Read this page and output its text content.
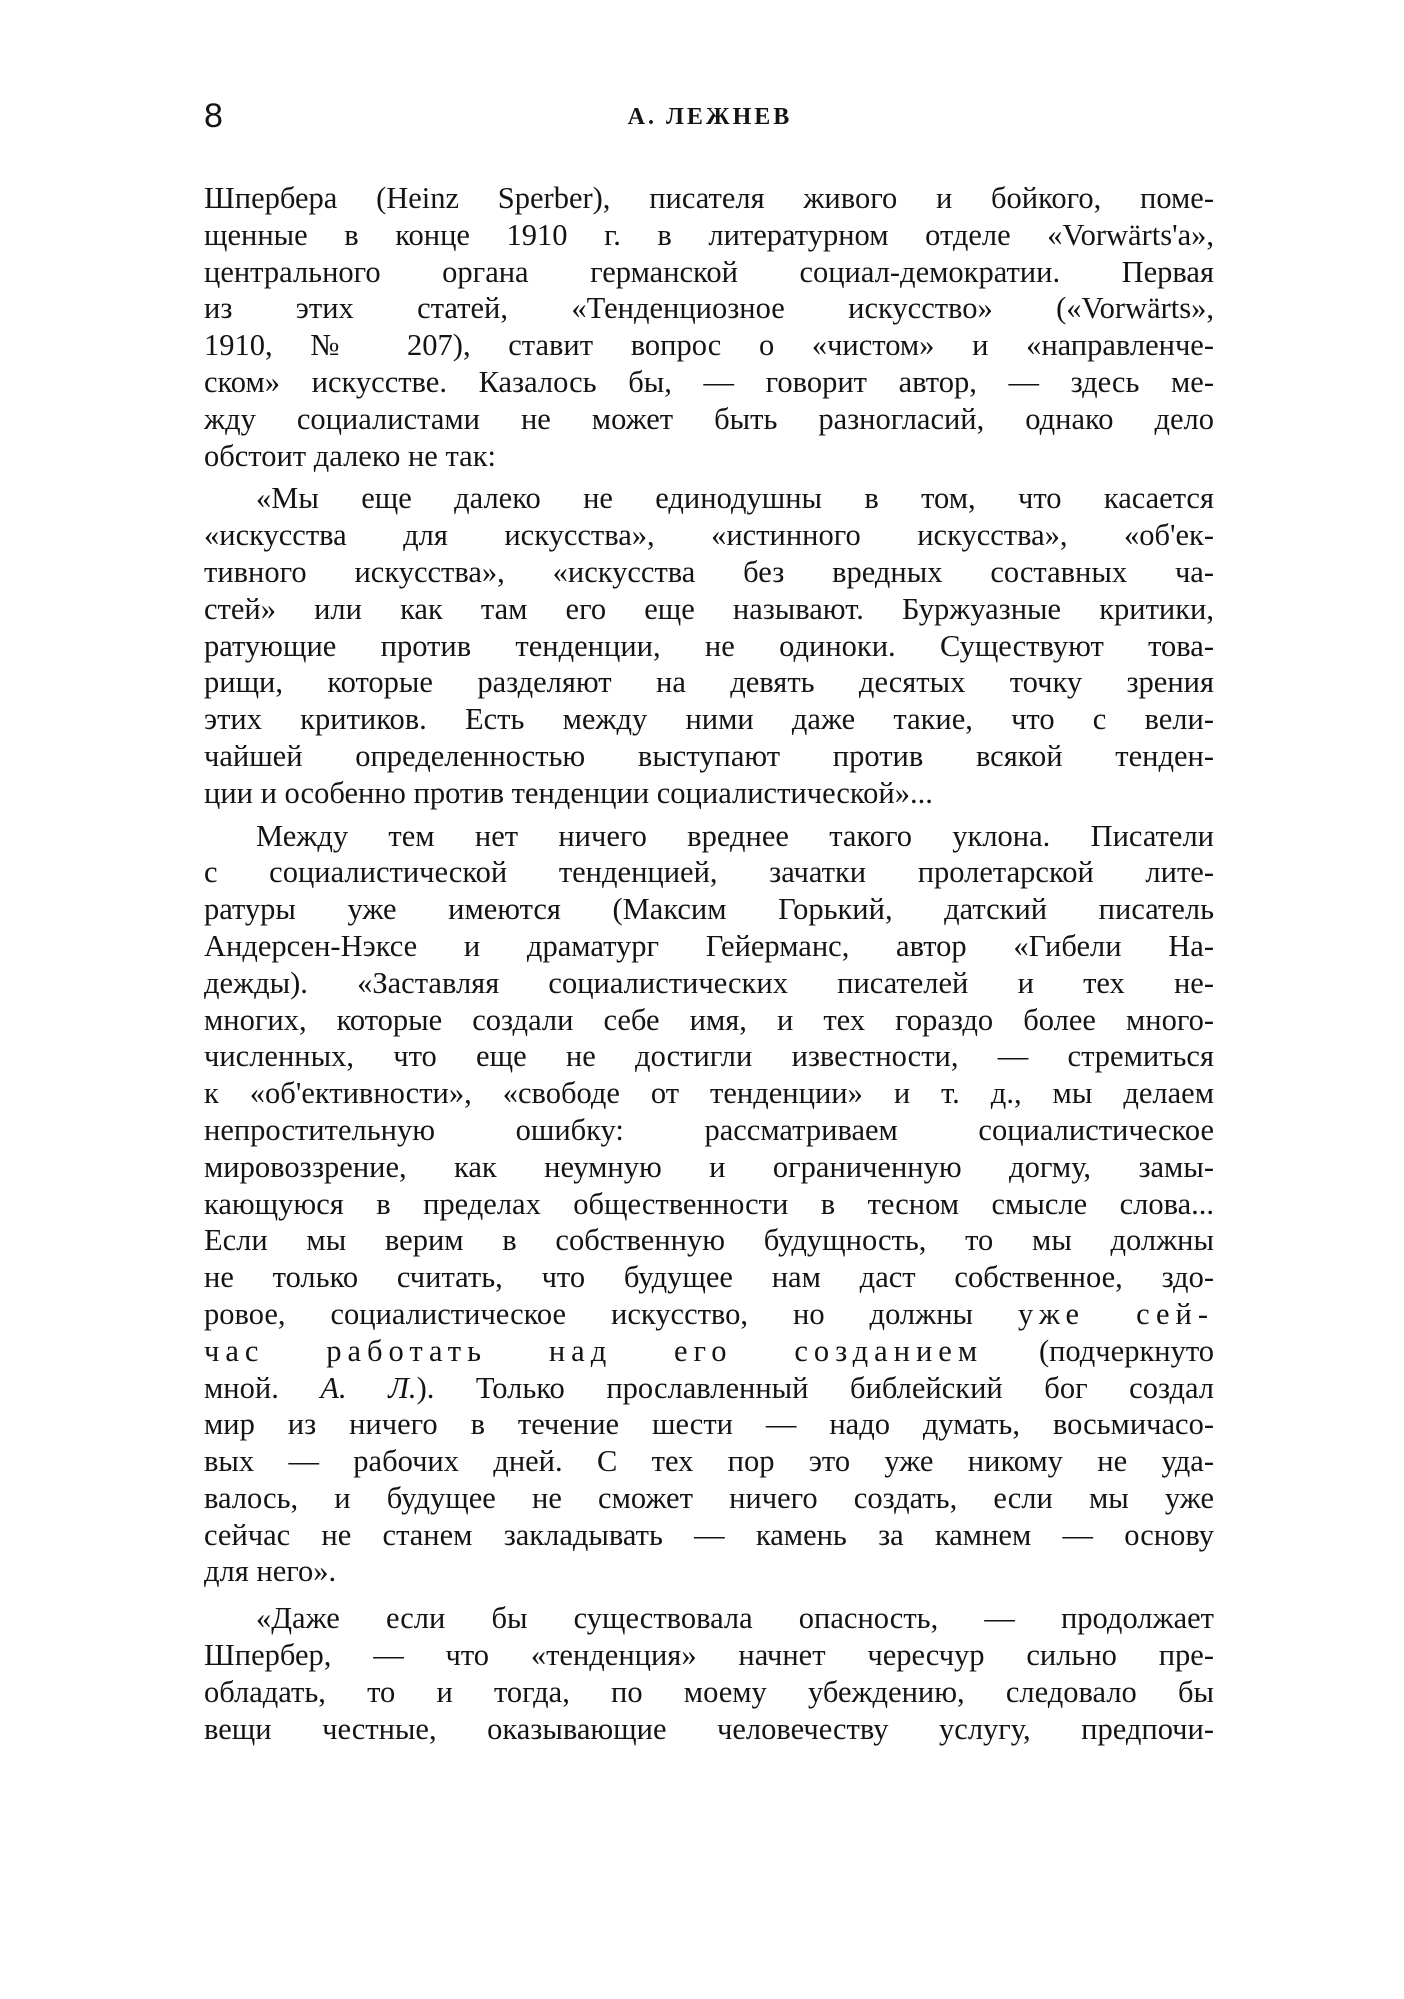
8	А. ЛЕЖНЕВ

Шпербера (Heinz Sperber), писателя живого и бойкого, поме-
щенные в конце 1910 г. в литературном отделе «Vorwärts'a»,
центрального органа германской социал-демократии. Первая
из этих статей, «Тенденциозное искусство» («Vorwärts»,
1910, № 207), ставит вопрос о «чистом» и «направленче-
ском» искусстве. Казалось бы, — говорит автор, — здесь ме-
жду социалистами не может быть разногласий, однако дело
обстоит далеко не так:

«Мы еще далеко не единодушны в том, что касается
«искусства для искусства», «истинного искусства», «об'ек-
тивного искусства», «искусства без вредных составных ча-
стей» или как там его еще называют. Буржуазные критики,
ратующие против тенденции, не одиноки. Существуют това-
рищи, которые разделяют на девять десятых точку зрения
этих критиков. Есть между ними даже такие, что с вели-
чайшей определенностью выступают против всякой тенден-
ции и особенно против тенденции социалистической»...

Между тем нет ничего вреднее такого уклона. Писатели
с социалистической тенденцией, зачатки пролетарской лите-
ратуры уже имеются (Максим Горький, датский писатель
Андерсен-Нэксе и драматург Гейерманс, автор «Гибели На-
дежды). «Заставляя социалистических писателей и тех не-
многих, которые создали себе имя, и тех гораздо более много-
численных, что еще не достигли известности, — стремиться
к «об'ективности», «свободе от тенденции» и т. д., мы делаем
непростительную ошибку: рассматриваем социалистическое
мировоззрение, как неумную и ограниченную догму, замы-
кающуюся в пределах общественности в тесном смысле слова...
Если мы верим в собственную будущность, то мы должны
не только считать, что будущее нам даст собственное, здо-
ровое, социалистическое искусство, но должны уже сей-
час работать над его созданием (подчеркнуто
мной. А. Л.). Только прославленный библейский бог создал
мир из ничего в течение шести — надо думать, восьмичасо-
вых — рабочих дней. С тех пор это уже никому не уда-
валось, и будущее не сможет ничего создать, если мы уже
сейчас не станем закладывать — камень за камнем — основу
для него».

«Даже если бы существовала опасность, — продолжает
Шпербер, — что «тенденция» начнет чересчур сильно пре-
обладать, то и тогда, по моему убеждению, следовало бы
вещи честные, оказывающие человечеству услугу, предпочи-
